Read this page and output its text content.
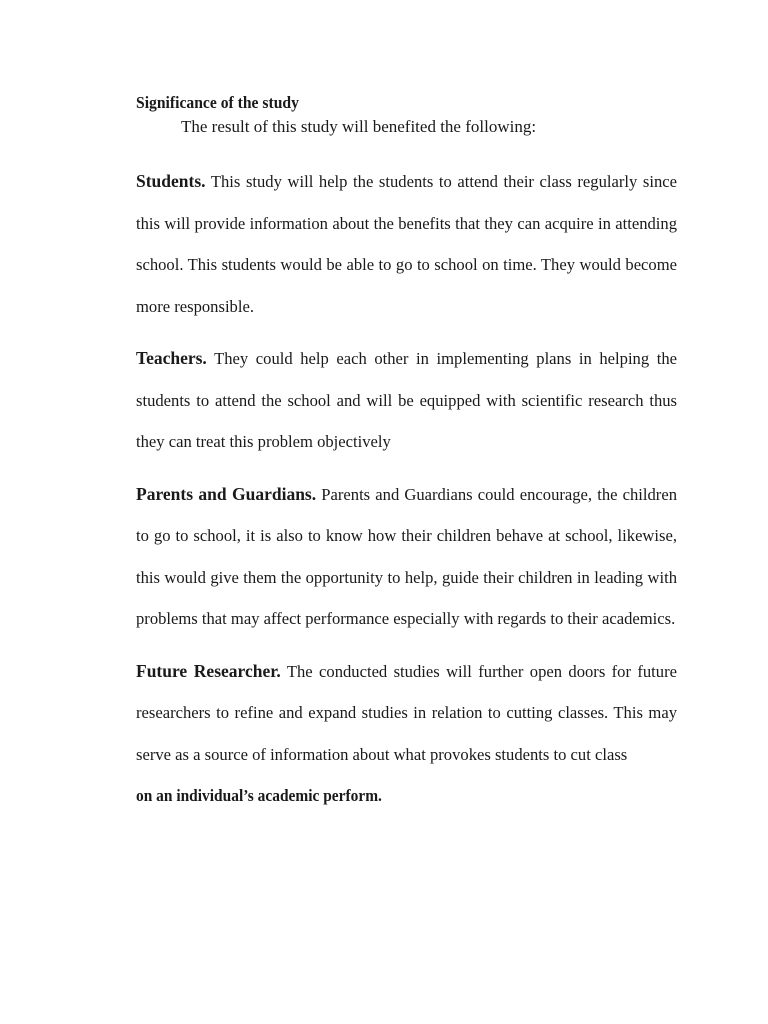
Significance of the study

The result of this study will benefited the following:

Students. This study will help the students to attend their class regularly since this will provide information about the benefits that they can acquire in attending school. This students would be able to go to school on time. They would become more responsible.

Teachers. They could help each other in implementing plans in helping the students to attend the school and will be equipped with scientific research thus they can treat this problem objectively

Parents and Guardians. Parents and Guardians could encourage, the children to go to school, it is also to know how their children behave at school, likewise, this would give them the opportunity to help, guide their children in leading with problems that may affect performance especially with regards to their academics.

Future Researcher. The conducted studies will further open doors for future researchers to refine and expand studies in relation to cutting classes. This may serve as a source of information about what provokes students to cut class

on an individual’s academic perform.
